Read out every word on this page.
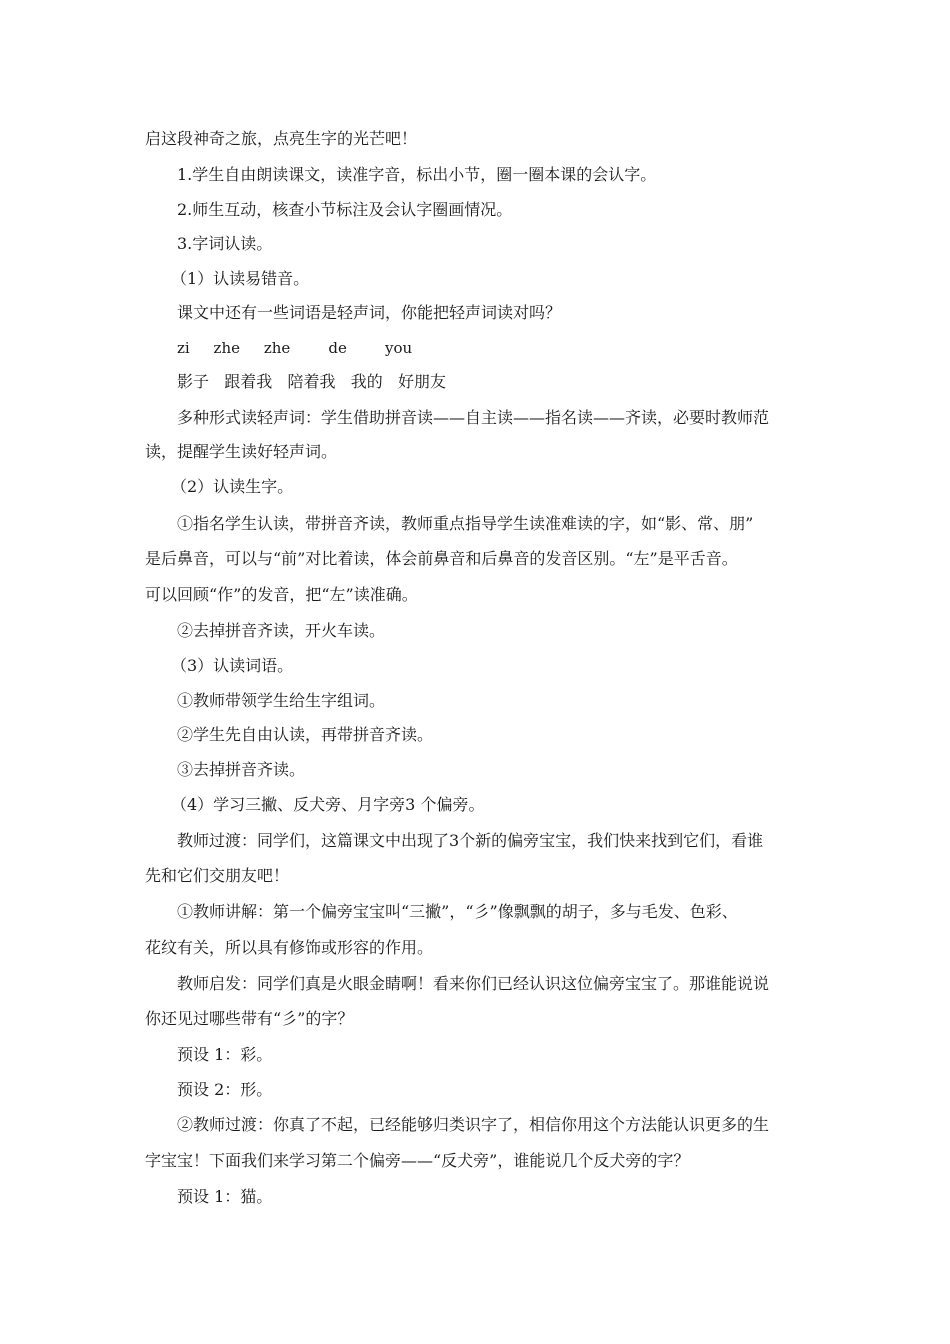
启这段神奇之旅，点亮生字的光芒吧！
1.学生自由朗读课文，读准字音，标出小节，圈一圈本课的会认字。
2.师生互动，核查小节标注及会认字圈画情况。
3.字词认读。
（1）认读易错音。
课文中还有一些词语是轻声词，你能把轻声词读对吗？
zi     zhe     zhe        de        you
影子   跟着我   陪着我   我的   好朋友
多种形式读轻声词：学生借助拼音读——自主读——指名读——齐读，必要时教师范
读，提醒学生读好轻声词。
（2）认读生字。
①指名学生认读，带拼音齐读，教师重点指导学生读准难读的字，如“影、常、朋”
是后鼻音，可以与“前”对比着读，体会前鼻音和后鼻音的发音区别。“左”是平舌音。
可以回顾“作”的发音，把“左”读准确。
②去掉拼音齐读，开火车读。
（3）认读词语。
①教师带领学生给生字组词。
②学生先自由认读，再带拼音齐读。
③去掉拼音齐读。
（4）学习三撇、反犬旁、月字旁3 个偏旁。
教师过渡：同学们，这篇课文中出现了3个新的偏旁宝宝，我们快来找到它们，看谁
先和它们交朋友吧！
①教师讲解：第一个偏旁宝宝叫“三撇”，“彡”像飘飘的胡子，多与毛发、色彩、
花纹有关，所以具有修饰或形容的作用。
教师启发：同学们真是火眼金睛啊！看来你们已经认识这位偏旁宝宝了。那谁能说说
你还见过哪些带有“彡”的字？
预设 1：彩。
预设 2：形。
②教师过渡：你真了不起，已经能够归类识字了，相信你用这个方法能认识更多的生
字宝宝！下面我们来学习第二个偏旁——“反犬旁”，谁能说几个反犬旁的字？
预设 1：猫。
